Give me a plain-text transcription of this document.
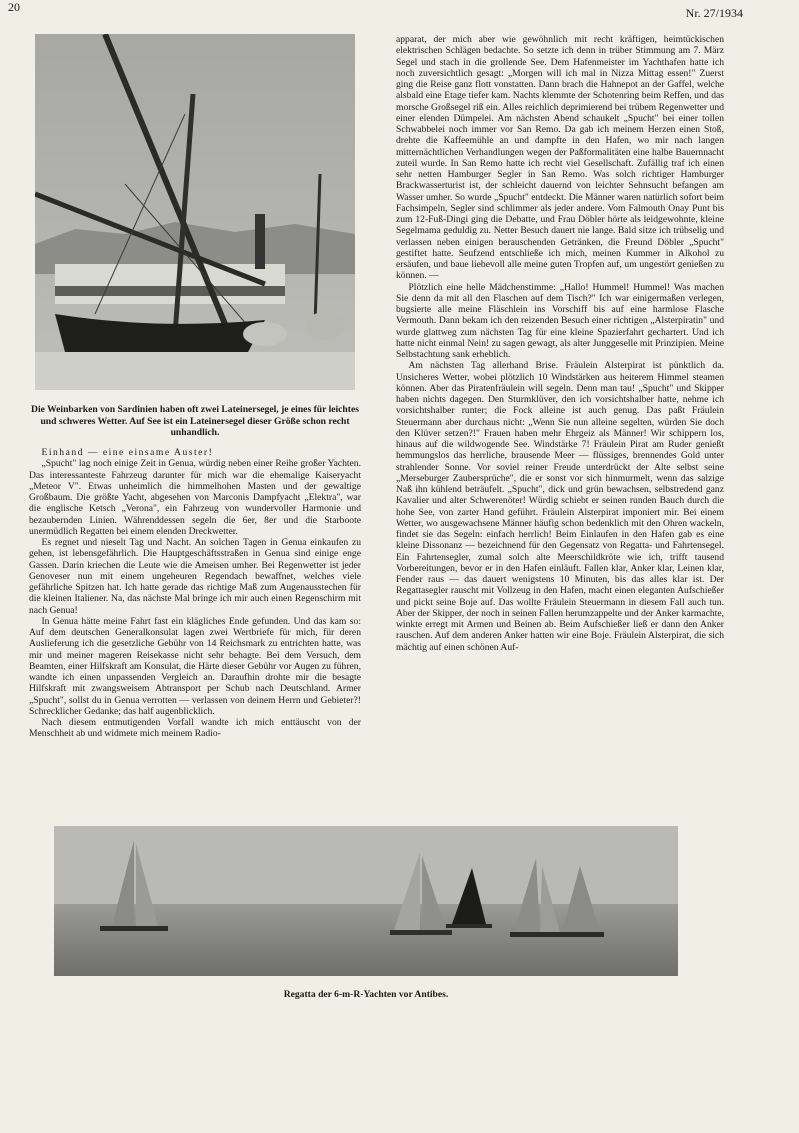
20	Nr. 27/1934

Die Weinbarken von Sardinien haben oft zwei Lateinersegel, je eines für leichtes und schweres Wetter. Auf See ist ein Lateinersegel dieser Größe schon recht unhandlich.

Einhand — eine einsame Auster!

„Spucht" lag noch einige Zeit in Genua, würdig neben einer Reihe großer Yachten. Das interessanteste Fahrzeug darunter für mich war die ehemalige Kaiseryacht „Meteor V". Etwas unheimlich die himmelhohen Masten und der gewaltige Großbaum. Die größte Yacht, abgesehen von Marconis Dampfyacht „Elektra", war die englische Ketsch „Verona", ein Fahrzeug von wundervoller Harmonie und bezaubernden Linien. Währenddessen segeln die 6er, 8er und die Starboote unermüdlich Regatten bei einem elenden Dreckwetter.

Es regnet und nieselt Tag und Nacht. An solchen Tagen in Genua einkaufen zu gehen, ist lebensgefährlich. Die Hauptgeschäftsstraßen in Genua sind einige enge Gassen. Darin kriechen die Leute wie die Ameisen umher. Bei Regenwetter ist jeder Genoveser nun mit einem ungeheuren Regendach bewaffnet, welches viele gefährliche Spitzen hat. Ich hatte gerade das richtige Maß zum Augenausstechen für die kleinen Italiener. Na, das nächste Mal bringe ich mir auch einen Regenschirm mit nach Genua!

In Genua hätte meine Fahrt fast ein klägliches Ende gefunden. Und das kam so: Auf dem deutschen Generalkonsulat lagen zwei Wertbriefe für mich, für deren Auslieferung ich die gesetzliche Gebühr von 14 Reichsmark zu entrichten hatte, was mir und meiner mageren Reisekasse nicht sehr behagte. Bei dem Versuch, dem Beamten, einer Hilfskraft am Konsulat, die Härte dieser Gebühr vor Augen zu führen, wandte ich einen unpassenden Vergleich an. Daraufhin drohte mir die besagte Hilfskraft mit zwangsweisem Abtransport per Schub nach Deutschland. Armer „Spucht", sollst du in Genua verrotten — verlassen von deinem Herrn und Gebieter?! Schrecklicher Gedanke; das half augenblicklich.

Nach diesem entmutigenden Vorfall wandte ich mich enttäuscht von der Menschheit ab und widmete mich meinem Radio-

apparat, der mich aber wie gewöhnlich mit recht kräftigen, heimtückischen elektrischen Schlägen bedachte. So setzte ich denn in trüber Stimmung am 7. März Segel und stach in die grollende See. Dem Hafenmeister im Yachthafen hatte ich noch zuversichtlich gesagt: „Morgen will ich mal in Nizza Mittag essen!" Zuerst ging die Reise ganz flott vonstatten. Dann brach die Hahnepot an der Gaffel, welche alsbald eine Etage tiefer kam. Nachts klemmte der Schotenring beim Reffen, und das morsche Großsegel riß ein. Alles reichlich deprimierend bei trübem Regenwetter und einer elenden Dümpelei. Am nächsten Abend schaukelt „Spucht" bei einer tollen Schwabbelei noch immer vor San Remo. Da gab ich meinem Herzen einen Stoß, drehte die Kaffeemühle an und dampfte in den Hafen, wo mir nach langen mitternächtlichen Verhandlungen wegen der Paßformalitäten eine halbe Bauernnacht zuteil wurde. In San Remo hatte ich recht viel Gesellschaft. Zufällig traf ich einen sehr netten Hamburger Segler in San Remo. Was solch richtiger Hamburger Brackwasserturist ist, der schleicht dauernd von leichter Sehnsucht befangen am Wasser umher. So wurde „Spucht" entdeckt. Die Männer waren natürlich sofort beim Fachsimpeln, Segler sind schlimmer als jeder andere. Vom Falmouth Onay Punt bis zum 12-Fuß-Dingi ging die Debatte, und Frau Döbler hörte als leidgewohnte, kleine Segelmama geduldig zu. Netter Besuch dauert nie lange. Bald sitze ich trübselig und verlassen neben einigen berauschenden Getränken, die Freund Döbler „Spucht" gestiftet hatte. Seufzend entschließe ich mich, meinen Kummer in Alkohol zu ersäufen, und baue liebevoll alle meine guten Tropfen auf, um ungestört genießen zu können. —

Plötzlich eine helle Mädchenstimme: „Hallo! Hummel! Hummel! Was machen Sie denn da mit all den Flaschen auf dem Tisch?" Ich war einigermaßen verlegen, bugsierte alle meine Fläschlein ins Vorschiff bis auf eine harmlose Flasche Vermouth. Dann bekam ich den reizenden Besuch einer richtigen „Alsterpiratin" und wurde glattweg zum nächsten Tag für eine kleine Spazierfahrt gechartert. Und ich hatte nicht einmal Nein! zu sagen gewagt, als alter Junggeselle mit Prinzipien. Meine Selbstachtung sank erheblich.

Am nächsten Tag allerhand Brise. Fräulein Alsterpirat ist pünktlich da. Unsicheres Wetter, wobei plötzlich 10 Windstärken aus heiterem Himmel steamen können. Aber das Piratenfräulein will segeln. Denn man tau! „Spucht" und Skipper haben nichts dagegen. Den Sturmklüver, den ich vorsichtshalber hatte, nehme ich vorsichtshalber runter; die Fock alleine ist auch genug. Das paßt Fräulein Steuermann aber durchaus nicht: „Wenn Sie nun alleine segelten, würden Sie doch den Klüver setzen?!" Frauen haben mehr Ehrgeiz als Männer! Wir schippern los, hinaus auf die wildwogende See. Windstärke 7! Fräulein Pirat am Ruder genießt hemmungslos das herrliche, brausende Meer — flüssiges, brennendes Gold unter strahlender Sonne. Vor soviel reiner Freude unterdrückt der Alte selbst seine „Merseburger Zaubersprüche", die er sonst vor sich hinmurmelt, wenn das salzige Naß ihn kühlend beträufelt. „Spucht", dick und grün bewachsen, selbstredend ganz Kavalier und alter Schwerenöter! Würdig schiebt er seinen runden Bauch durch die hohe See, von zarter Hand geführt. Fräulein Alsterpirat imponiert mir. Bei einem Wetter, wo ausgewachsene Männer häufig schon bedenklich mit den Ohren wackeln, findet sie das Segeln: einfach herrlich! Beim Einlaufen in den Hafen gab es eine kleine Dissonanz — bezeichnend für den Gegensatz von Regatta- und Fahrtensegel. Ein Fahrtensegler, zumal solch alte Meerschildkröte wie ich, trifft tausend Vorbereitungen, bevor er in den Hafen einläuft. Fallen klar, Anker klar, Leinen klar, Fender raus — das dauert wenigstens 10 Minuten, bis das alles klar ist. Der Regattasegler rauscht mit Vollzeug in den Hafen, macht einen eleganten Aufschießer und pickt seine Boje auf. Das wollte Fräulein Steuermann in diesem Fall auch tun. Aber der Skipper, der noch in seinen Fallen herumzappelte und der Anker karmachte, winkte erregt mit Armen und Beinen ab. Beim Aufschießer ließ er dann den Anker rauschen. Auf dem anderen Anker hatten wir eine Boje. Fräulein Alsterpirat, die sich mächtig auf einen schönen Auf-

Regatta der 6-m-R-Yachten vor Antibes.
